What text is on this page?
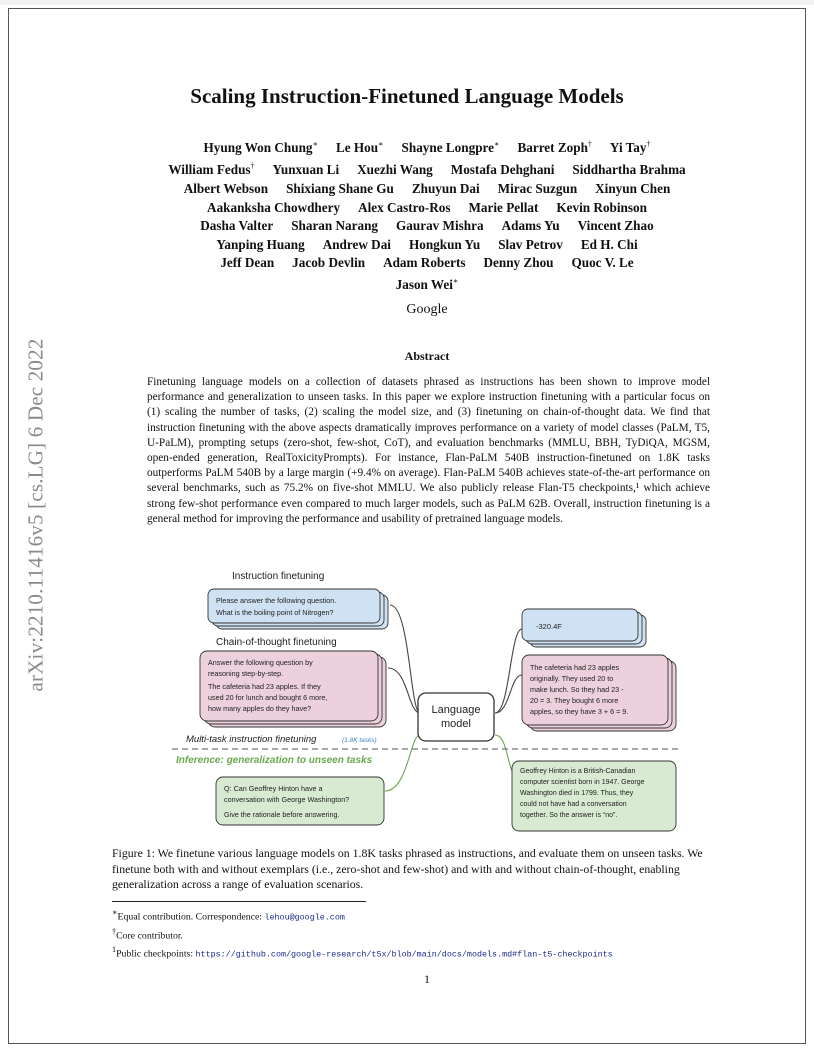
arXiv:2210.11416v5 [cs.LG] 6 Dec 2022
Scaling Instruction-Finetuned Language Models
Hyung Won Chung∗ Le Hou∗ Shayne Longpre∗ Barret Zoph† Yi Tay†
William Fedus† Yunxuan Li Xuezhi Wang Mostafa Dehghani Siddhartha Brahma
Albert Webson Shixiang Shane Gu Zhuyun Dai Mirac Suzgun Xinyun Chen
Aakanksha Chowdhery Alex Castro-Ros Marie Pellat Kevin Robinson
Dasha Valter Sharan Narang Gaurav Mishra Adams Yu Vincent Zhao
Yanping Huang Andrew Dai Hongkun Yu Slav Petrov Ed H. Chi
Jeff Dean Jacob Devlin Adam Roberts Denny Zhou Quoc V. Le
Jason Wei∗
Google
Abstract

Finetuning language models on a collection of datasets phrased as instructions has been shown to improve model performance and generalization to unseen tasks. In this paper we explore instruction finetuning with a particular focus on (1) scaling the number of tasks, (2) scaling the model size, and (3) finetuning on chain-of-thought data. We find that instruction finetuning with the above aspects dramatically improves performance on a variety of model classes (PaLM, T5, U-PaLM), prompting setups (zero-shot, few-shot, CoT), and evaluation benchmarks (MMLU, BBH, TyDiQA, MGSM, open-ended generation, RealToxicityPrompts). For instance, Flan-PaLM 540B instruction-finetuned on 1.8K tasks outperforms PaLM 540B by a large margin (+9.4% on average). Flan-PaLM 540B achieves state-of-the-art performance on several benchmarks, such as 75.2% on five-shot MMLU. We also publicly release Flan-T5 checkpoints,¹ which achieve strong few-shot performance even compared to much larger models, such as PaLM 62B. Overall, instruction finetuning is a general method for improving the performance and usability of pretrained language models.

Instruction finetuning
Please answer the following question.
What is the boiling point of Nitrogen?
Chain-of-thought finetuning
Answer the following question by
reasoning step-by-step.
The cafeteria had 23 apples. If they
used 20 for lunch and bought 6 more,
how many apples do they have?
-320.4F
The cafeteria had 23 apples
originally. They used 20 to
make lunch. So they had 23 -
20 = 3. They bought 6 more
apples, so they have 3 + 6 = 9.
Language
model
Multi-task instruction finetuning	(1.8K tasks)
Inference: generalization to unseen tasks
Q: Can Geoffrey Hinton have a
conversation with George Washington?
Give the rationale before answering.
Geoffrey Hinton is a British-Canadian
computer scientist born in 1947. George
Washington died in 1799. Thus, they
could not have had a conversation
together. So the answer is “no”.

Figure 1: We finetune various language models on 1.8K tasks phrased as instructions, and evaluate them on unseen tasks. We finetune both with and without exemplars (i.e., zero-shot and few-shot) and with and without chain-of-thought, enabling generalization across a range of evaluation scenarios.

∗Equal contribution. Correspondence: lehou@google.com
†Core contributor.
$^1$Public checkpoints: https://github.com/google-research/t5x/blob/main/docs/models.md#flan-t5-checkpoints
1
